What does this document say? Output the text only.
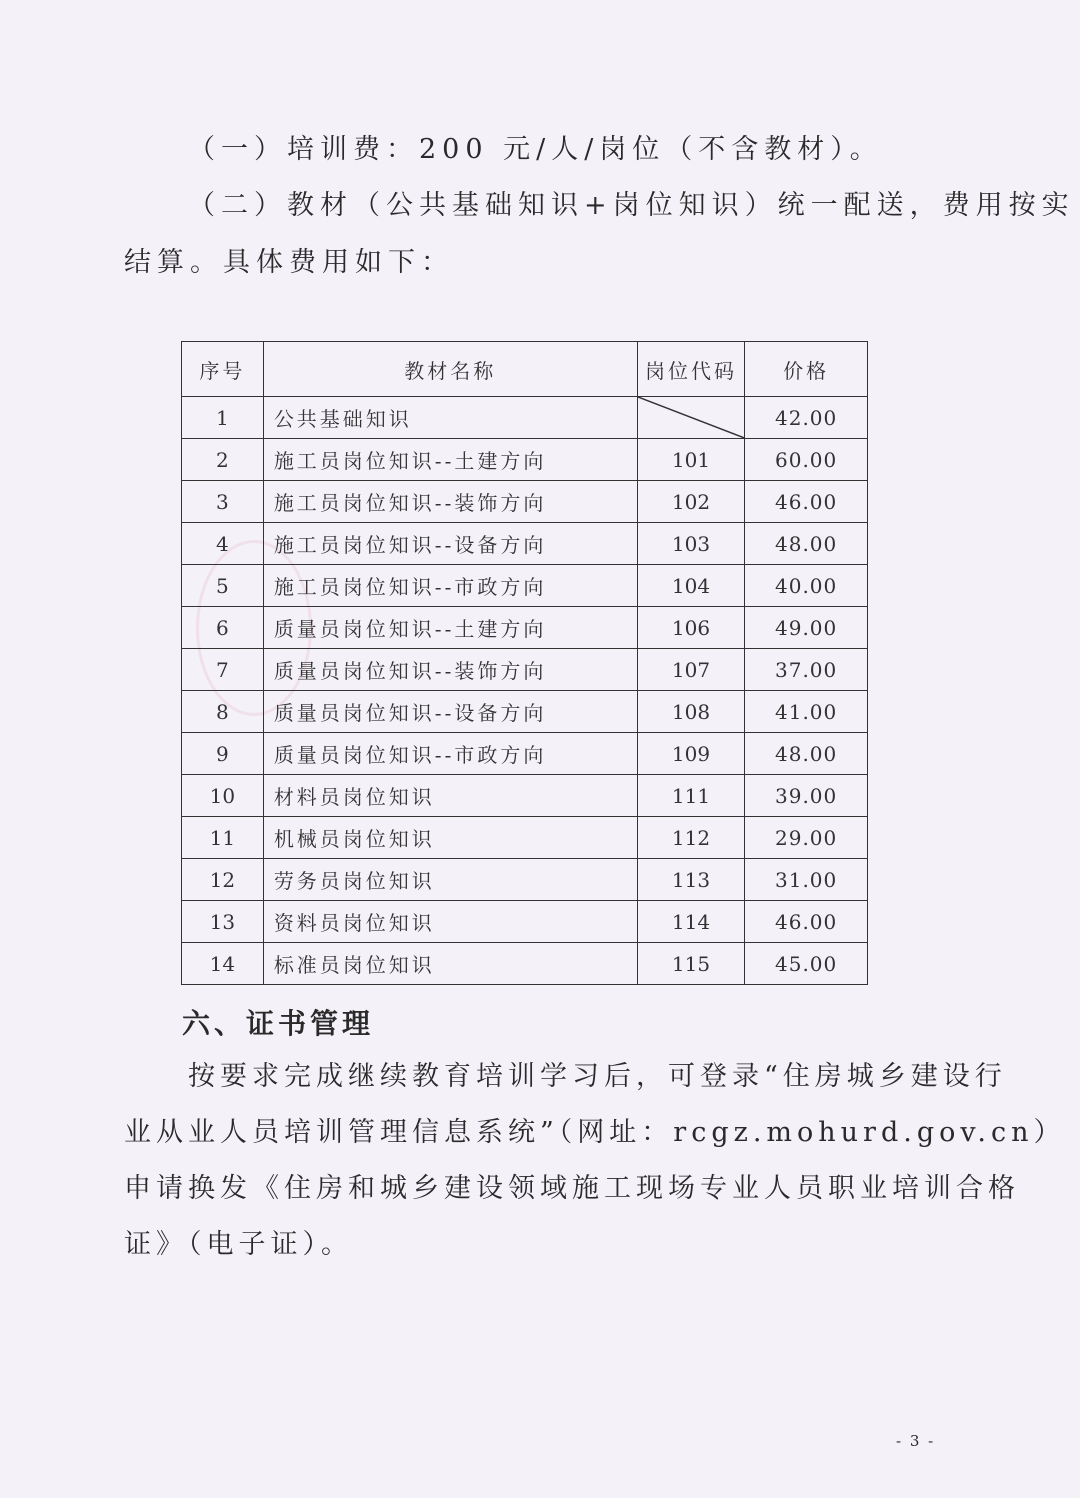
（一）培训费：200 元/人/岗位（不含教材）。

（二）教材（公共基础知识+岗位知识）统一配送，费用按实

结算。具体费用如下：

序号	教材名称	岗位代码	价格
1	公共基础知识		42.00
2	施工员岗位知识--土建方向	101	60.00
3	施工员岗位知识--装饰方向	102	46.00
4	施工员岗位知识--设备方向	103	48.00
5	施工员岗位知识--市政方向	104	40.00
6	质量员岗位知识--土建方向	106	49.00
7	质量员岗位知识--装饰方向	107	37.00
8	质量员岗位知识--设备方向	108	41.00
9	质量员岗位知识--市政方向	109	48.00
10	材料员岗位知识	111	39.00
11	机械员岗位知识	112	29.00
12	劳务员岗位知识	113	31.00
13	资料员岗位知识	114	46.00
14	标准员岗位知识	115	45.00
六、证书管理

按要求完成继续教育培训学习后，可登录“住房城乡建设行

业从业人员培训管理信息系统”（网址：rcgz.mohurd.gov.cn）

申请换发《住房和城乡建设领域施工现场专业人员职业培训合格

证》（电子证）。

- 3 -
